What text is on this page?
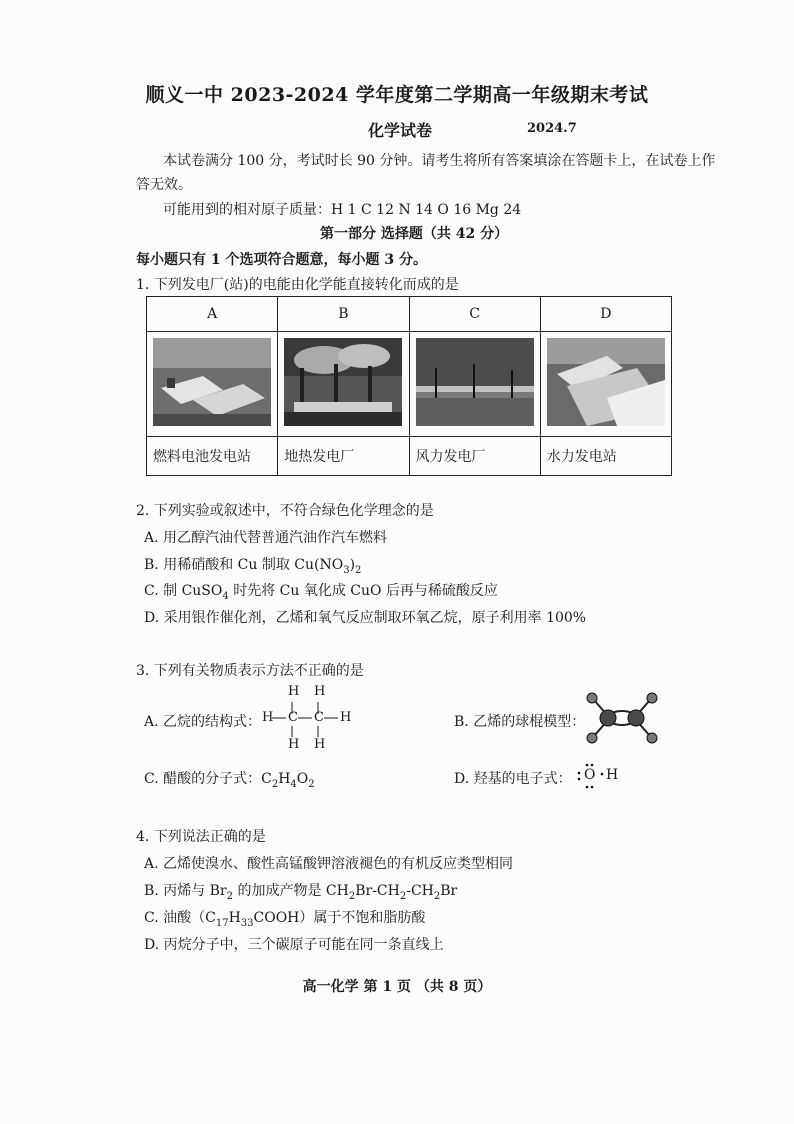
顺义一中 2023-2024 学年度第二学期高一年级期末考试
化学试卷	2024.7
本试卷满分 100 分，考试时长 90 分钟。请考生将所有答案填涂在答题卡上，在试卷上作
答无效。
可能用到的相对原子质量：H 1 C 12 N 14 O 16 Mg 24
第一部分 选择题（共 42 分）
每小题只有 1 个选项符合题意，每小题 3 分。
1. 下列发电厂(站)的电能由化学能直接转化而成的是
A	B	C	D

燃料电池发电站	地热发电厂	风力发电厂	水力发电站
2. 下列实验或叙述中，不符合绿色化学理念的是
A. 用乙醇汽油代替普通汽油作汽车燃料
B. 用稀硝酸和 Cu 制取 $Cu(NO_3)_2$
C. 制 CuSO$_4$ 时先将 Cu 氧化成 CuO 后再与稀硫酸反应
D. 采用银作催化剂，乙烯和氧气反应制取环氧乙烷，原子利用率 100%
3. 下列有关物质表示方法不正确的是
A. 乙烷的结构式：
H H
H C C H
H H
B. 乙烯的球棍模型：
C. 醋酸的分子式：$C_2H_4O_2$	D. 羟基的电子式： O H
4. 下列说法正确的是
A. 乙烯使溴水、酸性高锰酸钾溶液褪色的有机反应类型相同
B. 丙烯与 $Br_2$ 的加成产物是 $CH_2Br-CH_2-CH_2Br$
C. 油酸$(C_{17}H_{33}COOH)$属于不饱和脂肪酸
D. 丙烷分子中，三个碳原子可能在同一条直线上
高一化学 第 1 页 （共 8 页）
